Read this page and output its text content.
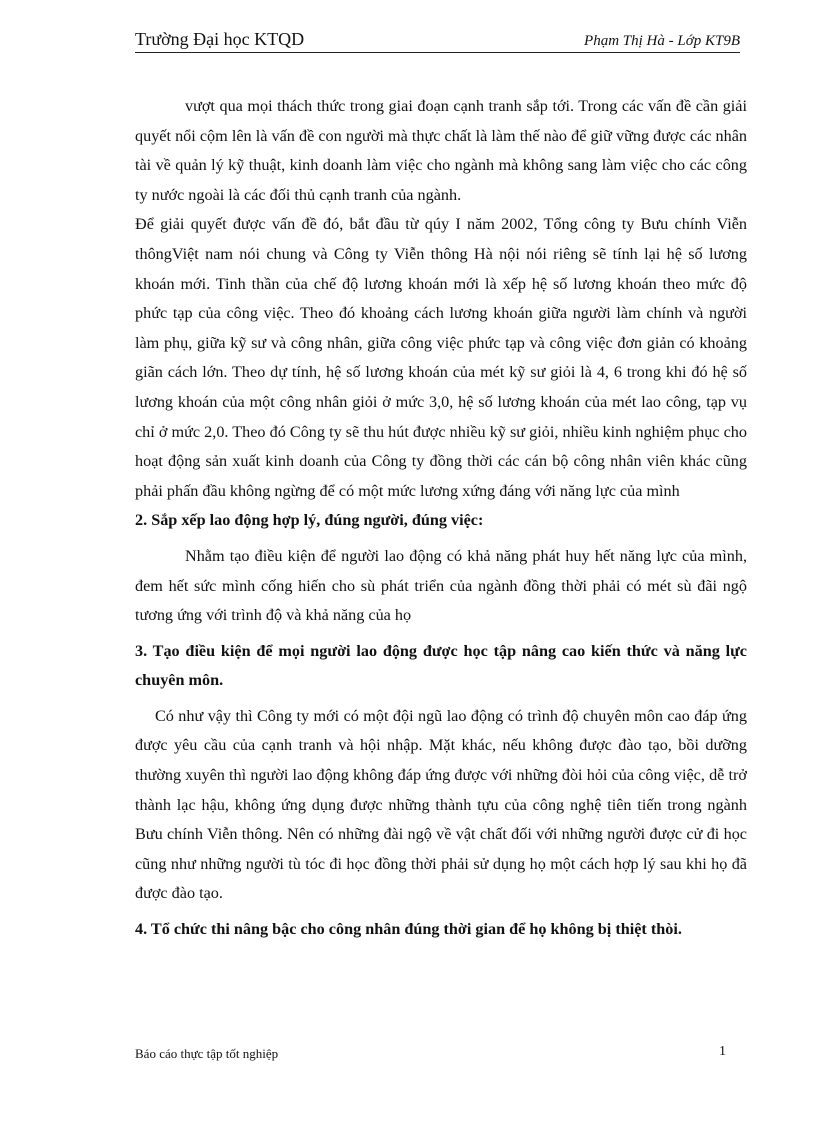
Trường Đại học KTQD	Phạm Thị Hà - Lớp KT9B

vượt qua mọi thách thức trong giai đoạn cạnh tranh sắp tới. Trong các vấn đề cần giải quyết nổi cộm lên là vấn đề con người mà thực chất là làm thế nào để giữ vững được các nhân tài về quản lý kỹ thuật, kinh doanh làm việc cho ngành mà không sang làm việc cho các công ty nước ngoài là các đối thủ cạnh tranh của ngành.

Để giải quyết được vấn đề đó, bắt đầu từ qúy I năm 2002, Tổng công ty Bưu chính Viễn thôngViệt nam nói chung và Công ty Viễn thông Hà nội nói riêng sẽ tính lại hệ số lương khoán mới. Tinh thần của chế độ lương khoán mới là xếp hệ số lương khoán theo mức độ phức tạp của công việc. Theo đó khoảng cách lương khoán giữa người làm chính và người làm phụ, giữa kỹ sư và công nhân, giữa công việc phức tạp và công việc đơn giản có khoảng giãn cách lớn. Theo dự tính, hệ số lương khoán của mét kỹ sư giỏi là 4, 6 trong khi đó hệ số lương khoán của một công nhân giỏi ở mức 3,0, hệ số lương khoán của mét lao công, tạp vụ chỉ ở mức 2,0. Theo đó Công ty sẽ thu hút được nhiều kỹ sư giỏi, nhiều kinh nghiệm phục cho hoạt động sản xuất kinh doanh của Công ty đồng thời các cán bộ công nhân viên khác cũng phải phấn đầu không ngừng để có một mức lương xứng đáng với năng lực của mình

2. Sắp xếp lao động hợp lý, đúng người, đúng việc:

Nhằm tạo điều kiện để người lao động có khả năng phát huy hết năng lực của mình, đem hết sức mình cống hiến cho sù phát triển của ngành đồng thời phải có mét sù đãi ngộ tương ứng với trình độ và khả năng của họ

3. Tạo điều kiện để mọi người lao động được học tập nâng cao kiến thức và năng lực chuyên môn.

Có như vậy thì Công ty mới có một đội ngũ lao động có trình độ chuyên môn cao đáp ứng được yêu cầu của cạnh tranh và hội nhập. Mặt khác, nếu không được đào tạo, bồi dưỡng thường xuyên thì người lao động không đáp ứng được với những đòi hỏi của công việc, dễ trở thành lạc hậu, không ứng dụng được những thành tựu của công nghệ tiên tiến trong ngành Bưu chính Viễn thông. Nên có những đài ngộ về vật chất đối với những người được cử đi học cũng như những người tù tóc đi học đồng thời phải sử dụng họ một cách hợp lý sau khi họ đã được đào tạo.

4. Tổ chức thi nâng bậc cho công nhân đúng thời gian để họ không bị thiệt thòi.
Báo cáo thực tập tốt nghiệp	1
